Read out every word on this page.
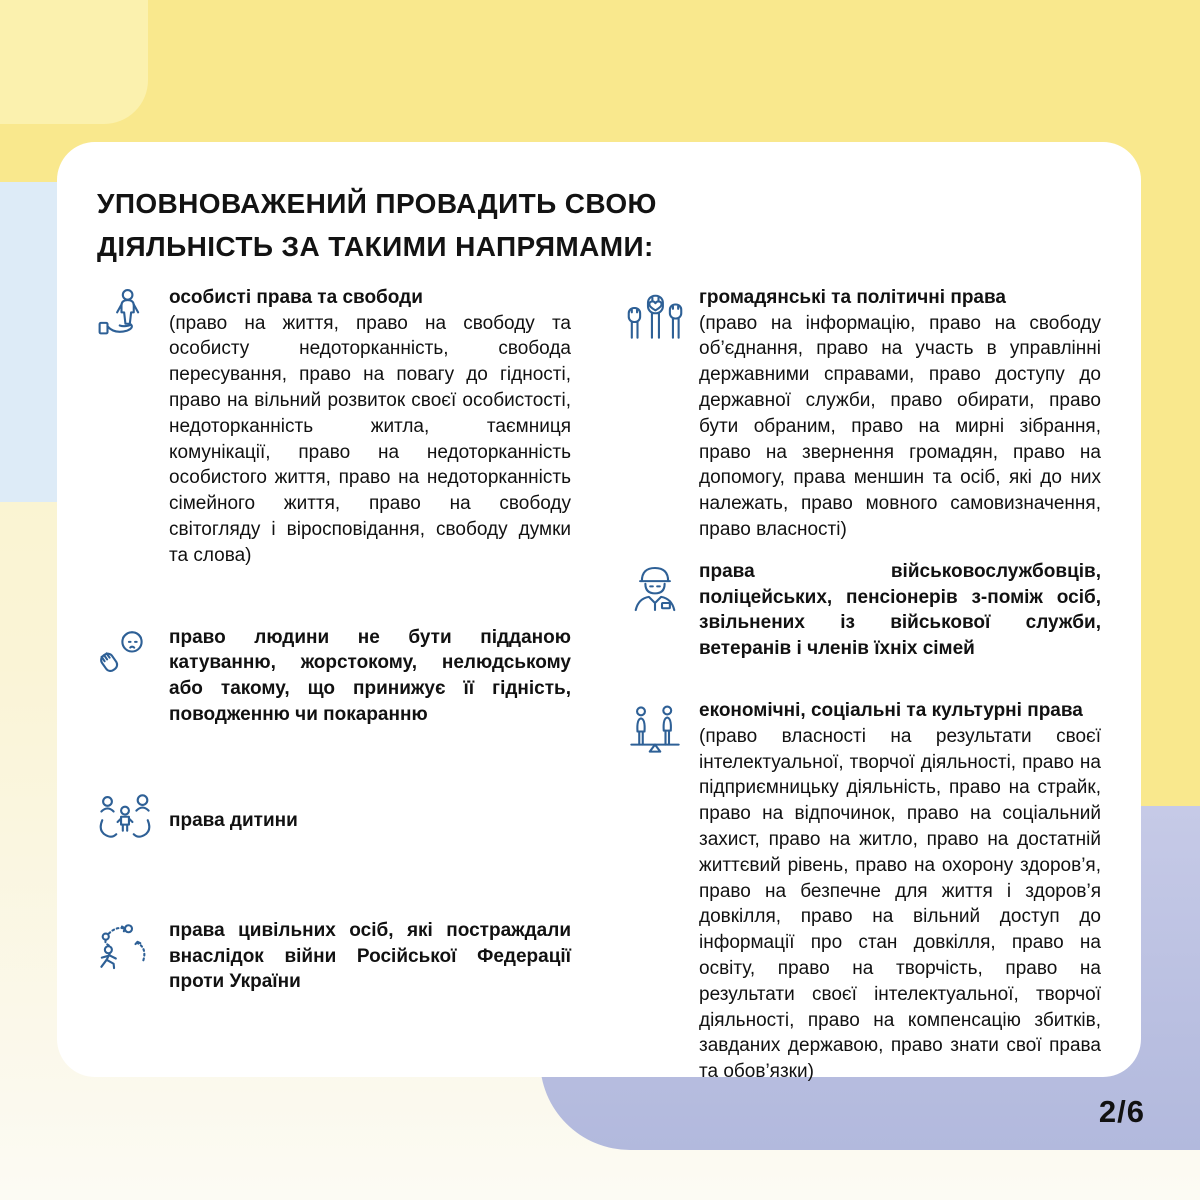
УПОВНОВАЖЕНИЙ ПРОВАДИТЬ СВОЮ
ДІЯЛЬНІСТЬ ЗА ТАКИМИ НАПРЯМАМИ:

особисті права та свободи

(право на життя, право на свободу та особисту недоторканність, свобода пересування, право на повагу до гідності, право на вільний розвиток своєї особистості, недоторканність житла, таємниця комунікації, право на недоторканність особистого життя, право на недоторканність сімейного життя, право на свободу світогляду і віросповідання, свободу думки та слова)

право людини не бути підданою катуванню, жорстокому, нелюдському або такому, що принижує її гідність, поводженню чи покаранню

права дитини

права цивільних осіб, які постраждали внаслідок війни Російської Федерації проти України

громадянські та політичні права

(право на інформацію, право на свободу об’єднання, право на участь в управлінні державними справами, право доступу до державної служби, право обирати, право бути обраним, право на мирні зібрання, право на звернення громадян, право на допомогу, права меншин та осіб, які до них належать, право мовного самовизначення, право власності)

права військовослужбовців, поліцейських, пенсіонерів з-поміж осіб, звільнених із військової служби, ветеранів і членів їхніх сімей

економічні, соціальні та культурні права

(право власності на результати своєї інтелектуальної, творчої діяльності, право на підприємницьку діяльність, право на страйк, право на відпочинок, право на соціальний захист, право на житло, право на достатній життєвий рівень, право на охорону здоров’я, право на безпечне для життя і здоров’я довкілля, право на вільний доступ до інформації про стан довкілля, право на освіту, право на творчість, право на результати своєї інтелектуальної, творчої діяльності, право на компенсацію збитків, завданих державою, право знати свої права та обов’язки)

2/6
